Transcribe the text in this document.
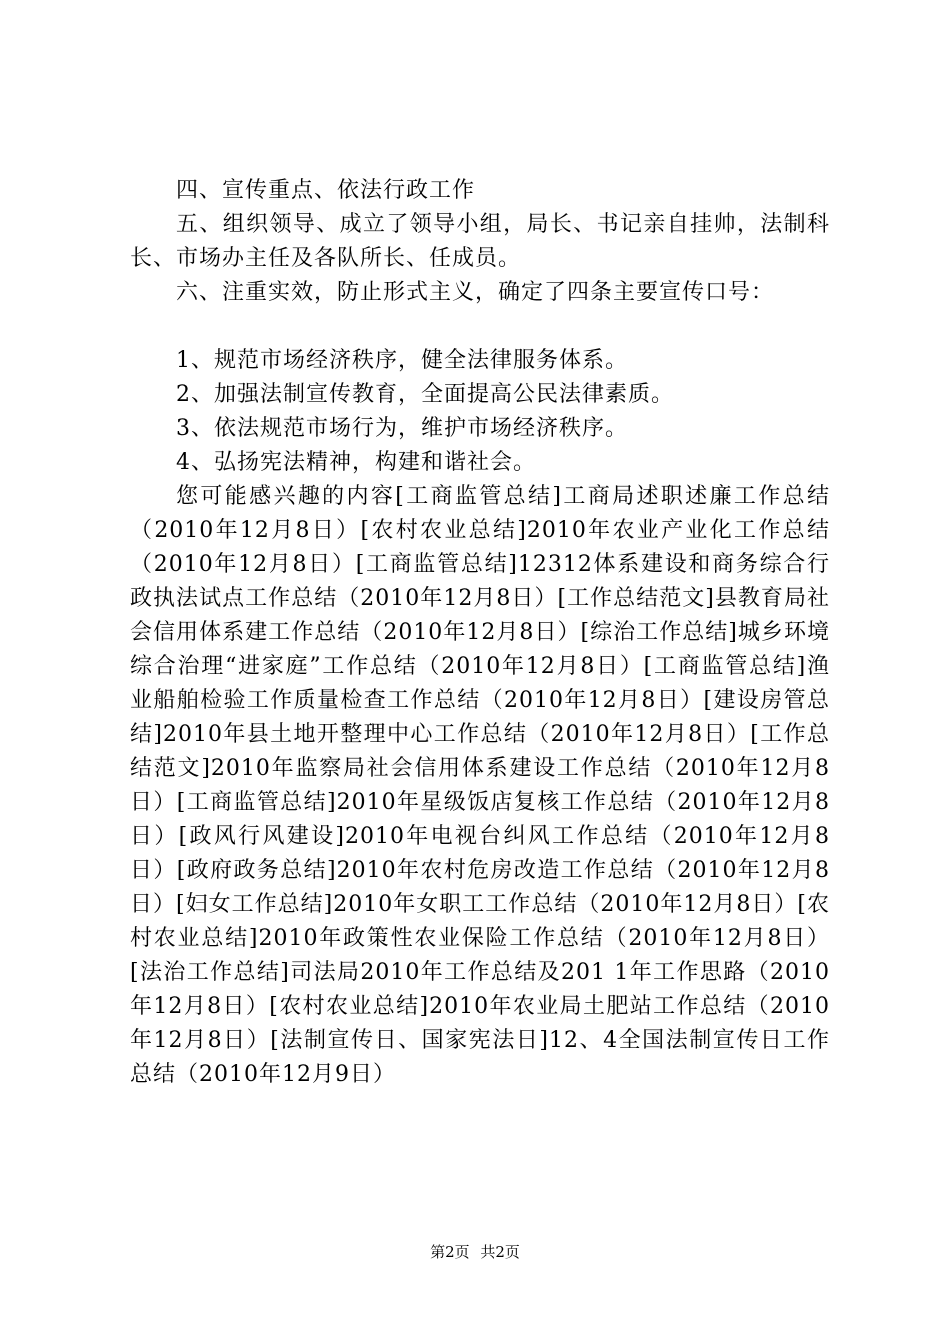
四、宣传重点、依法行政工作

五、组织领导、成立了领导小组，局长、书记亲自挂帅，法制科长、市场办主任及各队所长、任成员。

六、注重实效，防止形式主义，确定了四条主要宣传口号：

1、规范市场经济秩序，健全法律服务体系。

2、加强法制宣传教育，全面提高公民法律素质。

3、依法规范市场行为，维护市场经济秩序。

4、弘扬宪法精神，构建和谐社会。

您可能感兴趣的内容[工商监管总结]工商局述职述廉工作总结（2010年12月8日）[农村农业总结]2010年农业产业化工作总结（2010年12月8日）[工商监管总结]12312体系建设和商务综合行政执法试点工作总结（2010年12月8日）[工作总结范文]县教育局社会信用体系建工作总结（2010年12月8日）[综治工作总结]城乡环境综合治理“进家庭”工作总结（2010年12月8日）[工商监管总结]渔业船舶检验工作质量检查工作总结（2010年12月8日）[建设房管总结]2010年县土地开整理中心工作总结（2010年12月8日）[工作总结范文]2010年监察局社会信用体系建设工作总结（2010年12月8日）[工商监管总结]2010年星级饭店复核工作总结（2010年12月8日）[政风行风建设]2010年电视台纠风工作总结（2010年12月8日）[政府政务总结]2010年农村危房改造工作总结（2010年12月8日）[妇女工作总结]2010年女职工工作总结（2010年12月8日）[农村农业总结]2010年政策性农业保险工作总结（2010年12月8日）[法治工作总结]司法局2010年工作总结及201 1年工作思路（2010年12月8日）[农村农业总结]2010年农业局土肥站工作总结（2010年12月8日）[法制宣传日、国家宪法日]12、4全国法制宣传日工作总结（2010年12月9日）

第2页 共2页
